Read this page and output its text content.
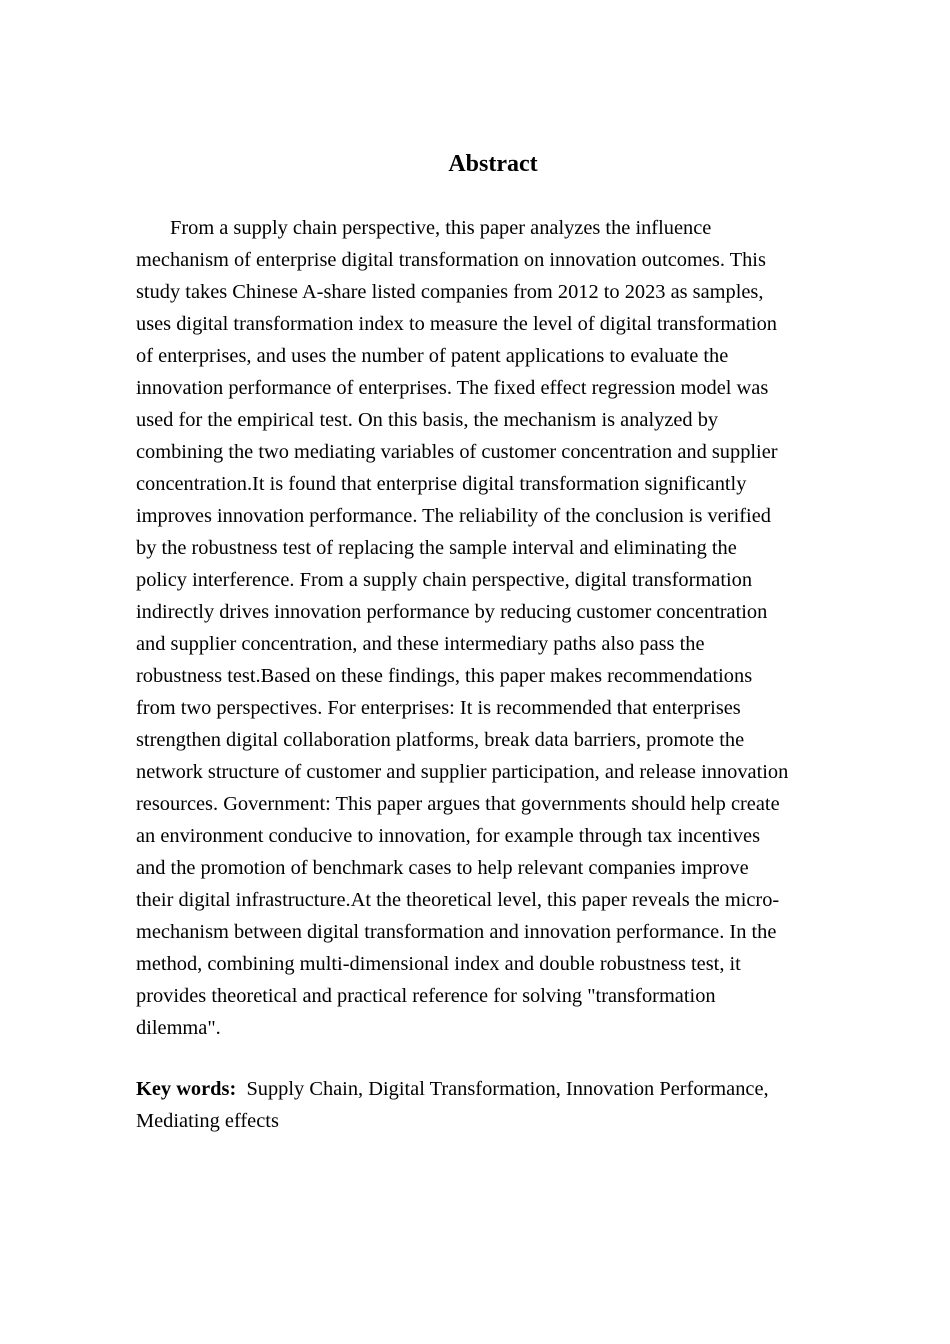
Abstract
From a supply chain perspective, this paper analyzes the influence
mechanism of enterprise digital transformation on innovation outcomes. This
study takes Chinese A-share listed companies from 2012 to 2023 as samples,
uses digital transformation index to measure the level of digital transformation
of enterprises, and uses the number of patent applications to evaluate the
innovation performance of enterprises. The fixed effect regression model was
used for the empirical test. On this basis, the mechanism is analyzed by
combining the two mediating variables of customer concentration and supplier
concentration.It is found that enterprise digital transformation significantly
improves innovation performance. The reliability of the conclusion is verified
by the robustness test of replacing the sample interval and eliminating the
policy interference. From a supply chain perspective, digital transformation
indirectly drives innovation performance by reducing customer concentration
and supplier concentration, and these intermediary paths also pass the
robustness test.Based on these findings, this paper makes recommendations
from two perspectives. For enterprises: It is recommended that enterprises
strengthen digital collaboration platforms, break data barriers, promote the
network structure of customer and supplier participation, and release innovation
resources. Government: This paper argues that governments should help create
an environment conducive to innovation, for example through tax incentives
and the promotion of benchmark cases to help relevant companies improve
their digital infrastructure.At the theoretical level, this paper reveals the micro-
mechanism between digital transformation and innovation performance. In the
method, combining multi-dimensional index and double robustness test, it
provides theoretical and practical reference for solving "transformation
dilemma".
Key words: Supply Chain, Digital Transformation, Innovation Performance,
Mediating effects
